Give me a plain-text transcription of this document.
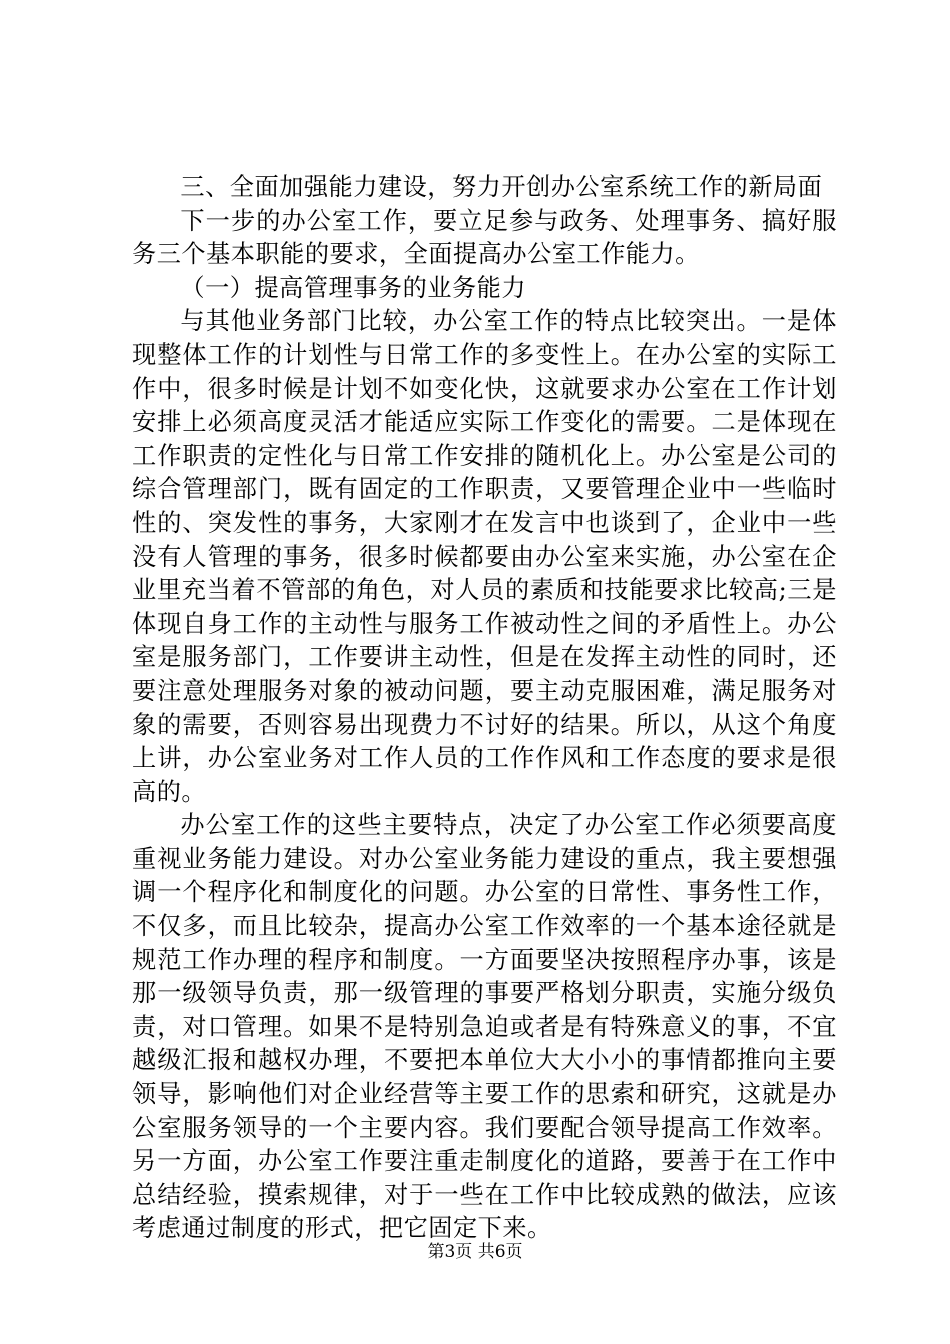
三、全面加强能力建设，努力开创办公室系统工作的新局面

下一步的办公室工作，要立足参与政务、处理事务、搞好服务三个基本职能的要求，全面提高办公室工作能力。

（一）提高管理事务的业务能力

与其他业务部门比较，办公室工作的特点比较突出。一是体现整体工作的计划性与日常工作的多变性上。在办公室的实际工作中，很多时候是计划不如变化快，这就要求办公室在工作计划安排上必须高度灵活才能适应实际工作变化的需要。二是体现在工作职责的定性化与日常工作安排的随机化上。办公室是公司的综合管理部门，既有固定的工作职责，又要管理企业中一些临时性的、突发性的事务，大家刚才在发言中也谈到了，企业中一些没有人管理的事务，很多时候都要由办公室来实施，办公室在企业里充当着不管部的角色，对人员的素质和技能要求比较高;三是体现自身工作的主动性与服务工作被动性之间的矛盾性上。办公室是服务部门，工作要讲主动性，但是在发挥主动性的同时，还要注意处理服务对象的被动问题，要主动克服困难，满足服务对象的需要，否则容易出现费力不讨好的结果。所以，从这个角度上讲，办公室业务对工作人员的工作作风和工作态度的要求是很高的。

办公室工作的这些主要特点，决定了办公室工作必须要高度重视业务能力建设。对办公室业务能力建设的重点，我主要想强调一个程序化和制度化的问题。办公室的日常性、事务性工作，不仅多，而且比较杂，提高办公室工作效率的一个基本途径就是规范工作办理的程序和制度。一方面要坚决按照程序办事，该是那一级领导负责，那一级管理的事要严格划分职责，实施分级负责，对口管理。如果不是特别急迫或者是有特殊意义的事，不宜越级汇报和越权办理，不要把本单位大大小小的事情都推向主要领导，影响他们对企业经营等主要工作的思索和研究，这就是办公室服务领导的一个主要内容。我们要配合领导提高工作效率。另一方面，办公室工作要注重走制度化的道路，要善于在工作中总结经验，摸索规律，对于一些在工作中比较成熟的做法，应该考虑通过制度的形式，把它固定下来。

第3页 共6页
